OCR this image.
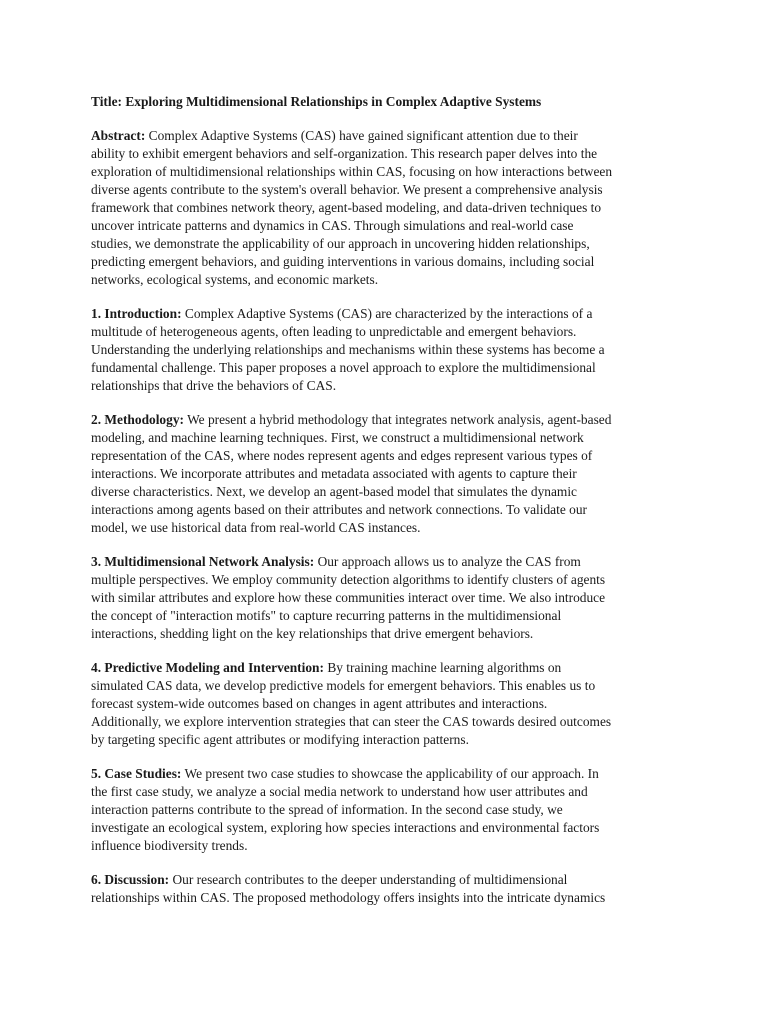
Title: Exploring Multidimensional Relationships in Complex Adaptive Systems
Abstract: Complex Adaptive Systems (CAS) have gained significant attention due to their
ability to exhibit emergent behaviors and self-organization. This research paper delves into the
exploration of multidimensional relationships within CAS, focusing on how interactions between
diverse agents contribute to the system's overall behavior. We present a comprehensive analysis
framework that combines network theory, agent-based modeling, and data-driven techniques to
uncover intricate patterns and dynamics in CAS. Through simulations and real-world case
studies, we demonstrate the applicability of our approach in uncovering hidden relationships,
predicting emergent behaviors, and guiding interventions in various domains, including social
networks, ecological systems, and economic markets.
1. Introduction: Complex Adaptive Systems (CAS) are characterized by the interactions of a
multitude of heterogeneous agents, often leading to unpredictable and emergent behaviors.
Understanding the underlying relationships and mechanisms within these systems has become a
fundamental challenge. This paper proposes a novel approach to explore the multidimensional
relationships that drive the behaviors of CAS.
2. Methodology: We present a hybrid methodology that integrates network analysis, agent-based
modeling, and machine learning techniques. First, we construct a multidimensional network
representation of the CAS, where nodes represent agents and edges represent various types of
interactions. We incorporate attributes and metadata associated with agents to capture their
diverse characteristics. Next, we develop an agent-based model that simulates the dynamic
interactions among agents based on their attributes and network connections. To validate our
model, we use historical data from real-world CAS instances.
3. Multidimensional Network Analysis: Our approach allows us to analyze the CAS from
multiple perspectives. We employ community detection algorithms to identify clusters of agents
with similar attributes and explore how these communities interact over time. We also introduce
the concept of "interaction motifs" to capture recurring patterns in the multidimensional
interactions, shedding light on the key relationships that drive emergent behaviors.
4. Predictive Modeling and Intervention: By training machine learning algorithms on
simulated CAS data, we develop predictive models for emergent behaviors. This enables us to
forecast system-wide outcomes based on changes in agent attributes and interactions.
Additionally, we explore intervention strategies that can steer the CAS towards desired outcomes
by targeting specific agent attributes or modifying interaction patterns.
5. Case Studies: We present two case studies to showcase the applicability of our approach. In
the first case study, we analyze a social media network to understand how user attributes and
interaction patterns contribute to the spread of information. In the second case study, we
investigate an ecological system, exploring how species interactions and environmental factors
influence biodiversity trends.
6. Discussion: Our research contributes to the deeper understanding of multidimensional
relationships within CAS. The proposed methodology offers insights into the intricate dynamics
